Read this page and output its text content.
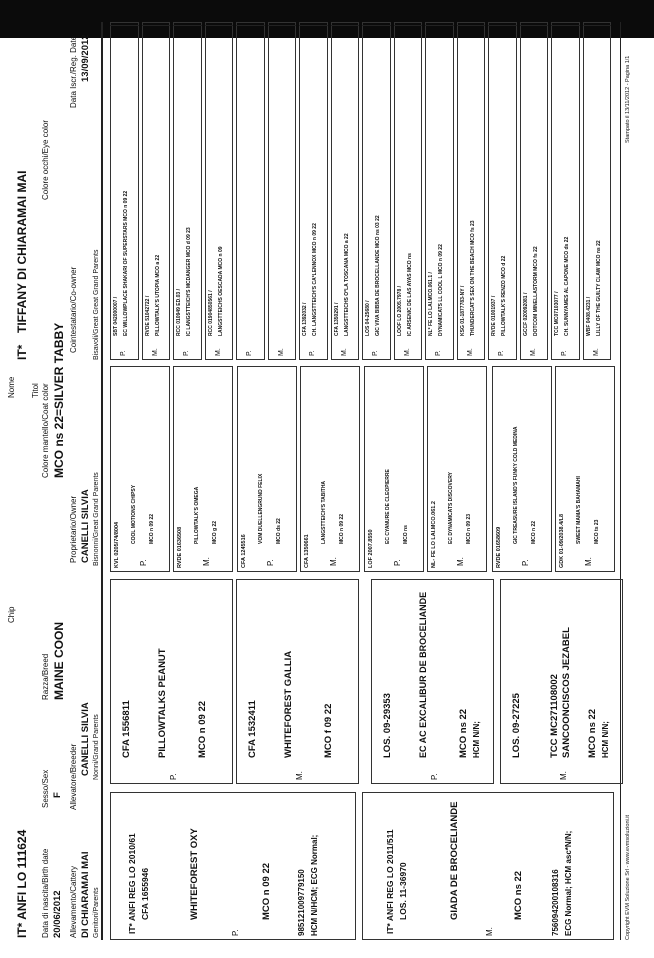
IT* ANFI LO 111624
Chip
Nome
IT*
TIFFANY DI CHIARAMAI MAI
Titol
Data di nascita/Birth date
Sesso/Sex
20/06/2012
F
Razza/Breed MAINE COON
Colore mantello/Coat color MCO ns 22=SILVER TABBY
Colore occhi/Eye color
Allevamento/Cattery DI CHIARAMAI MAI
Allevatore/Breeder
CANELLI SILVIA
Proprietario/Owner CANELLI SILVIA
Cointestatario/Co-owner
Data Iscr./Reg. Date 13/09/2012
Genitori/Parents
Nonni/Grand Parents
Bisnonni/Great Grand Parents
Bisavoli/Great Great Grand Parents
IT* ANFI REG LO 2010/61 CFA 1655946	WHITEFOREST OXY
P.
MCO n 09 22	985121009779150 HCM N/HCM; ECG Normal;	IT* ANFI REG LO 2011/511 LOS. 11-36970	GIADA DE BROCELIANDE
M.
MCO ns 22	756094200108316 ECG Normal; HCM asc*N/N;	Copyright EVM Soluzione Srl - www.evmsoluzioni.it
Stampato il 13/11/2012 - Pagina 1/1
CFA 1556811
P.
PILLOWTALKS PEANUT	MCO n 09 22	CFA 1532411
M.
WHITEFOREST GALLIA	MCO f 09 22	LOS. 09-29353
P.
EC AC EXCALIBUR DE BROCELIANDE	MCO ns 22 HCM N/N;	LOS. 09-27225	TCC MC271108002
M.
SANCOONCISCOS JEZABEL MCO ns 22 HCM N/N;
KVL 0205/74/8004 P.
COOL MOTIONS CHIPSY MCO n 09 22	RVDE 01636508 M.
PILLOWTALK'S OMEGA MCO g 22
CFA 1245516 P.
VOM DUELLENGRUND FELIX MCO ds 22
CFA 1350661 M.
LANGSTTEICH'S TABITHA MCO n 09 22
LOF 2007.8550 P.
EC CYANURE DE CLEOPIERRE MCO ns	NL- FE LO LAI.MCO.061.2 M.
EC DYNAMICATS DISCOVERY MCO n 09 23	RVDE 01658609 P.
GIC TREASURE ISLAND'S FUNKY COLD MEDINA MCO n 22	GDK 01-09/2038.4/L8 M.
SWEET MAMA'S BAHAMAHI MCO ts 23
P.
SBT 042000007 / EC WILLOWPLACE SHAKARI OF SUPERSTARS MCO n 09 22
M.
RVDE 51042722 / PILLOWTALK'S UTOPIA MCO a 22
P.
RCC 010949 ED.03 / IC LANGSTTEICH'S MCDANGER MCO d 09 23
M.
RCC 01904850561 / LANGSTTEICHS OESCADA MCO n 09
P.	M.	P.
CFA 1392032 / CH. LANGSTTEICH'S CA*LENNOX MCO n 09 22
M.
CFA 1350291 / LANGSTTEICHS O*LA TOSCANA MCO a 22
P.
LOS 04-25680 / GIC VIVA BIBBA DE BROCELLANDE MCO ns 03 22
M.
LOOF LO 2005.7978 / IC ARSENIC DE LAS AYAS MCO ns
P.
NL* FE LO LAI.MCO.061.1 / DYNAMICATS LL COOL L MCO n 09 22
M.
KSG 01-1877783-NY / THUNDERCAT'S SEX ON THE BEACH MCO fs 23
P.
RVDE 01001937 / PILLOWTALK'S RENZO MCO d 22
M.
GCCF 020092081 / DOTCOM MINELLASTORM MCO fs 22
P.
TCC MC07103077 / CH. SUNNYAMES AL CAPONE MCO ds 22
M.
WBF 0408.4231 / LILLY OF THE GUILTY CLAW MCO ns 22
